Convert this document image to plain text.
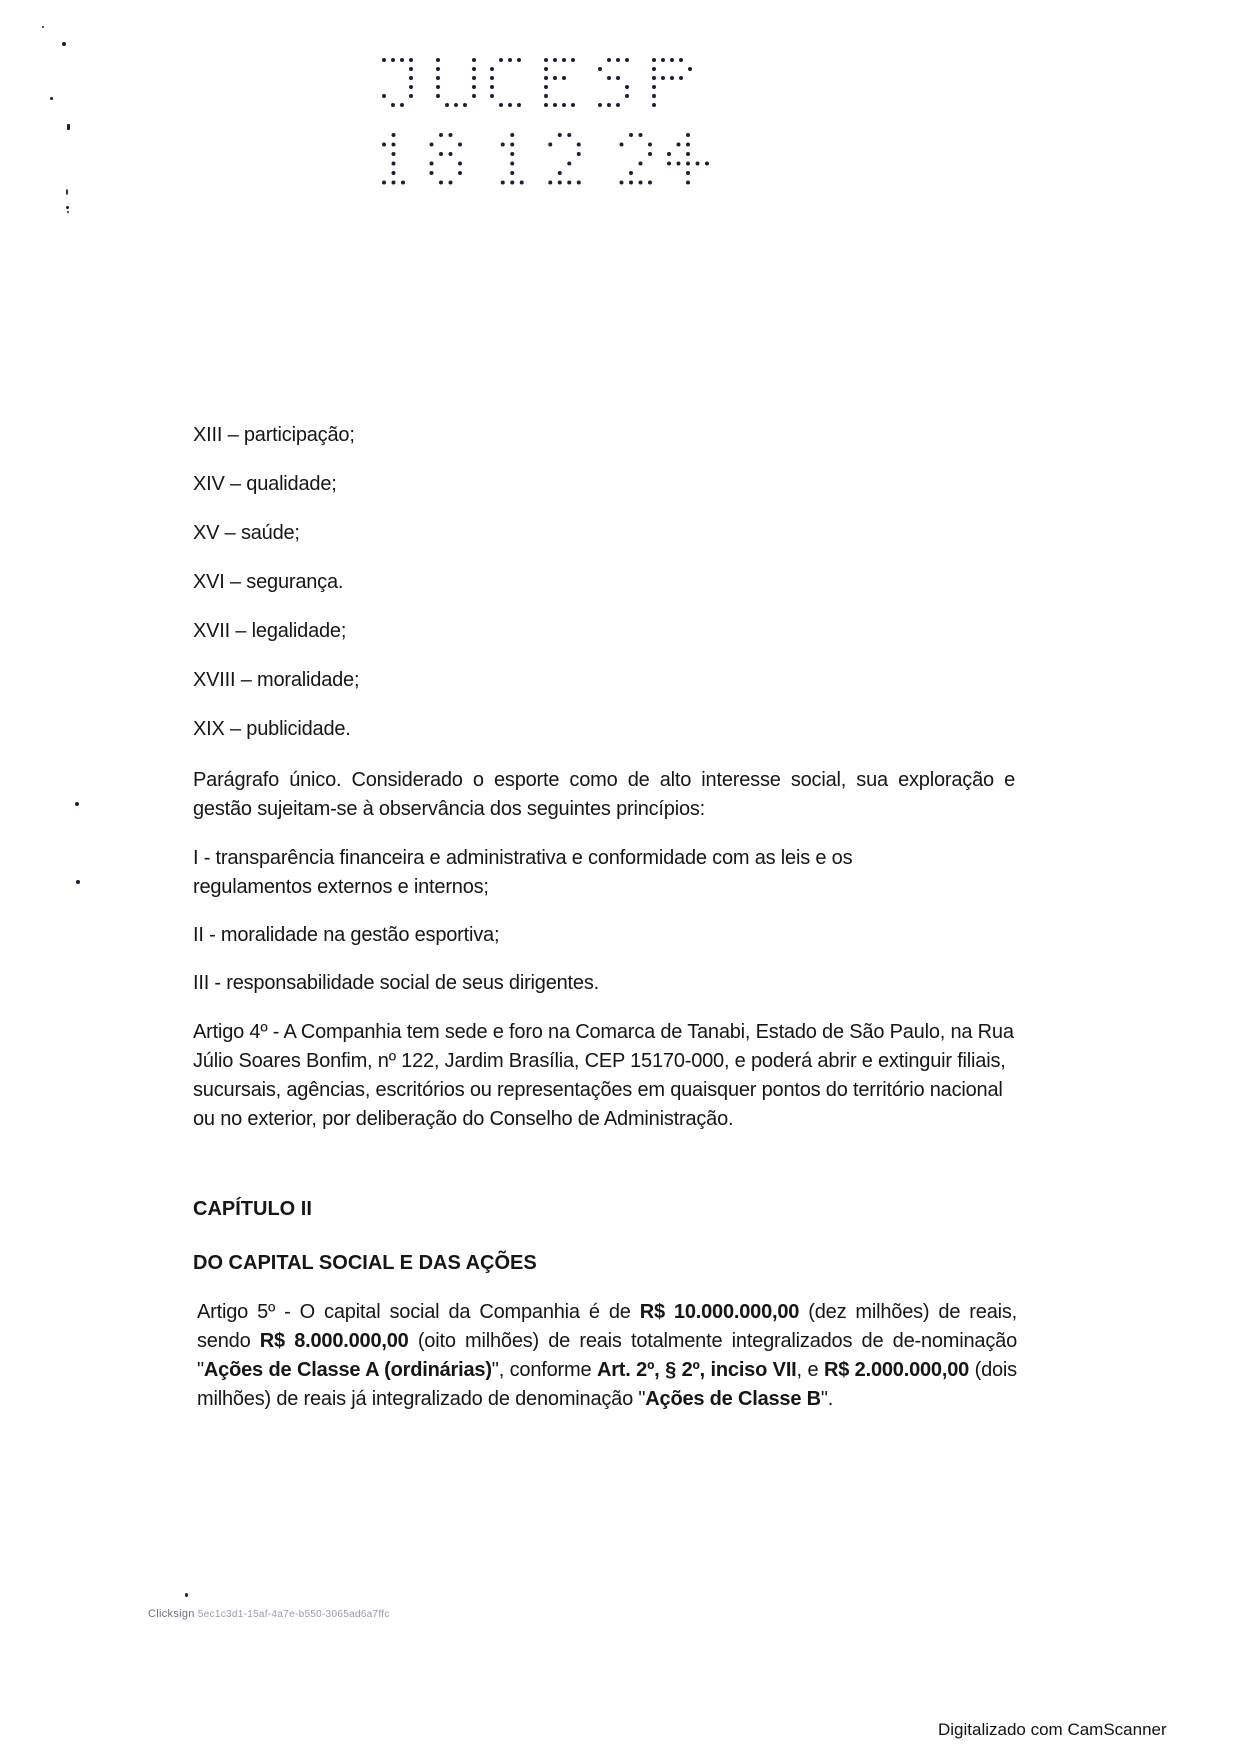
XIII – participação;
XIV – qualidade;
XV – saúde;
XVI – segurança.
XVII – legalidade;
XVIII – moralidade;
XIX – publicidade.
Parágrafo único. Considerado o esporte como de alto interesse social, sua exploração e gestão sujeitam-se à observância dos seguintes princípios:
I - transparência financeira e administrativa e conformidade com as leis e os regulamentos externos e internos;
II - moralidade na gestão esportiva;
III - responsabilidade social de seus dirigentes.
Artigo 4º - A Companhia tem sede e foro na Comarca de Tanabi, Estado de São Paulo, na Rua Júlio Soares Bonfim, nº 122, Jardim Brasília, CEP 15170-000, e poderá abrir e extinguir filiais, sucursais, agências, escritórios ou representações em quaisquer pontos do território nacional ou no exterior, por deliberação do Conselho de Administração.
CAPÍTULO II
DO CAPITAL SOCIAL E DAS AÇÕES
Artigo 5º - O capital social da Companhia é de R$ 10.000.000,00 (dez milhões) de reais, sendo R$ 8.000.000,00 (oito milhões) de reais totalmente integralizados de de-nominação "Ações de Classe A (ordinárias)", conforme Art. 2º, § 2º, inciso VII, e R$ 2.000.000,00 (dois milhões) de reais já integralizado de denominação "Ações de Classe B".
Clicksign 5ec1c3d1-15af-4a7e-b550-3065ad6a7ffc
Digitalizado com CamScanner
